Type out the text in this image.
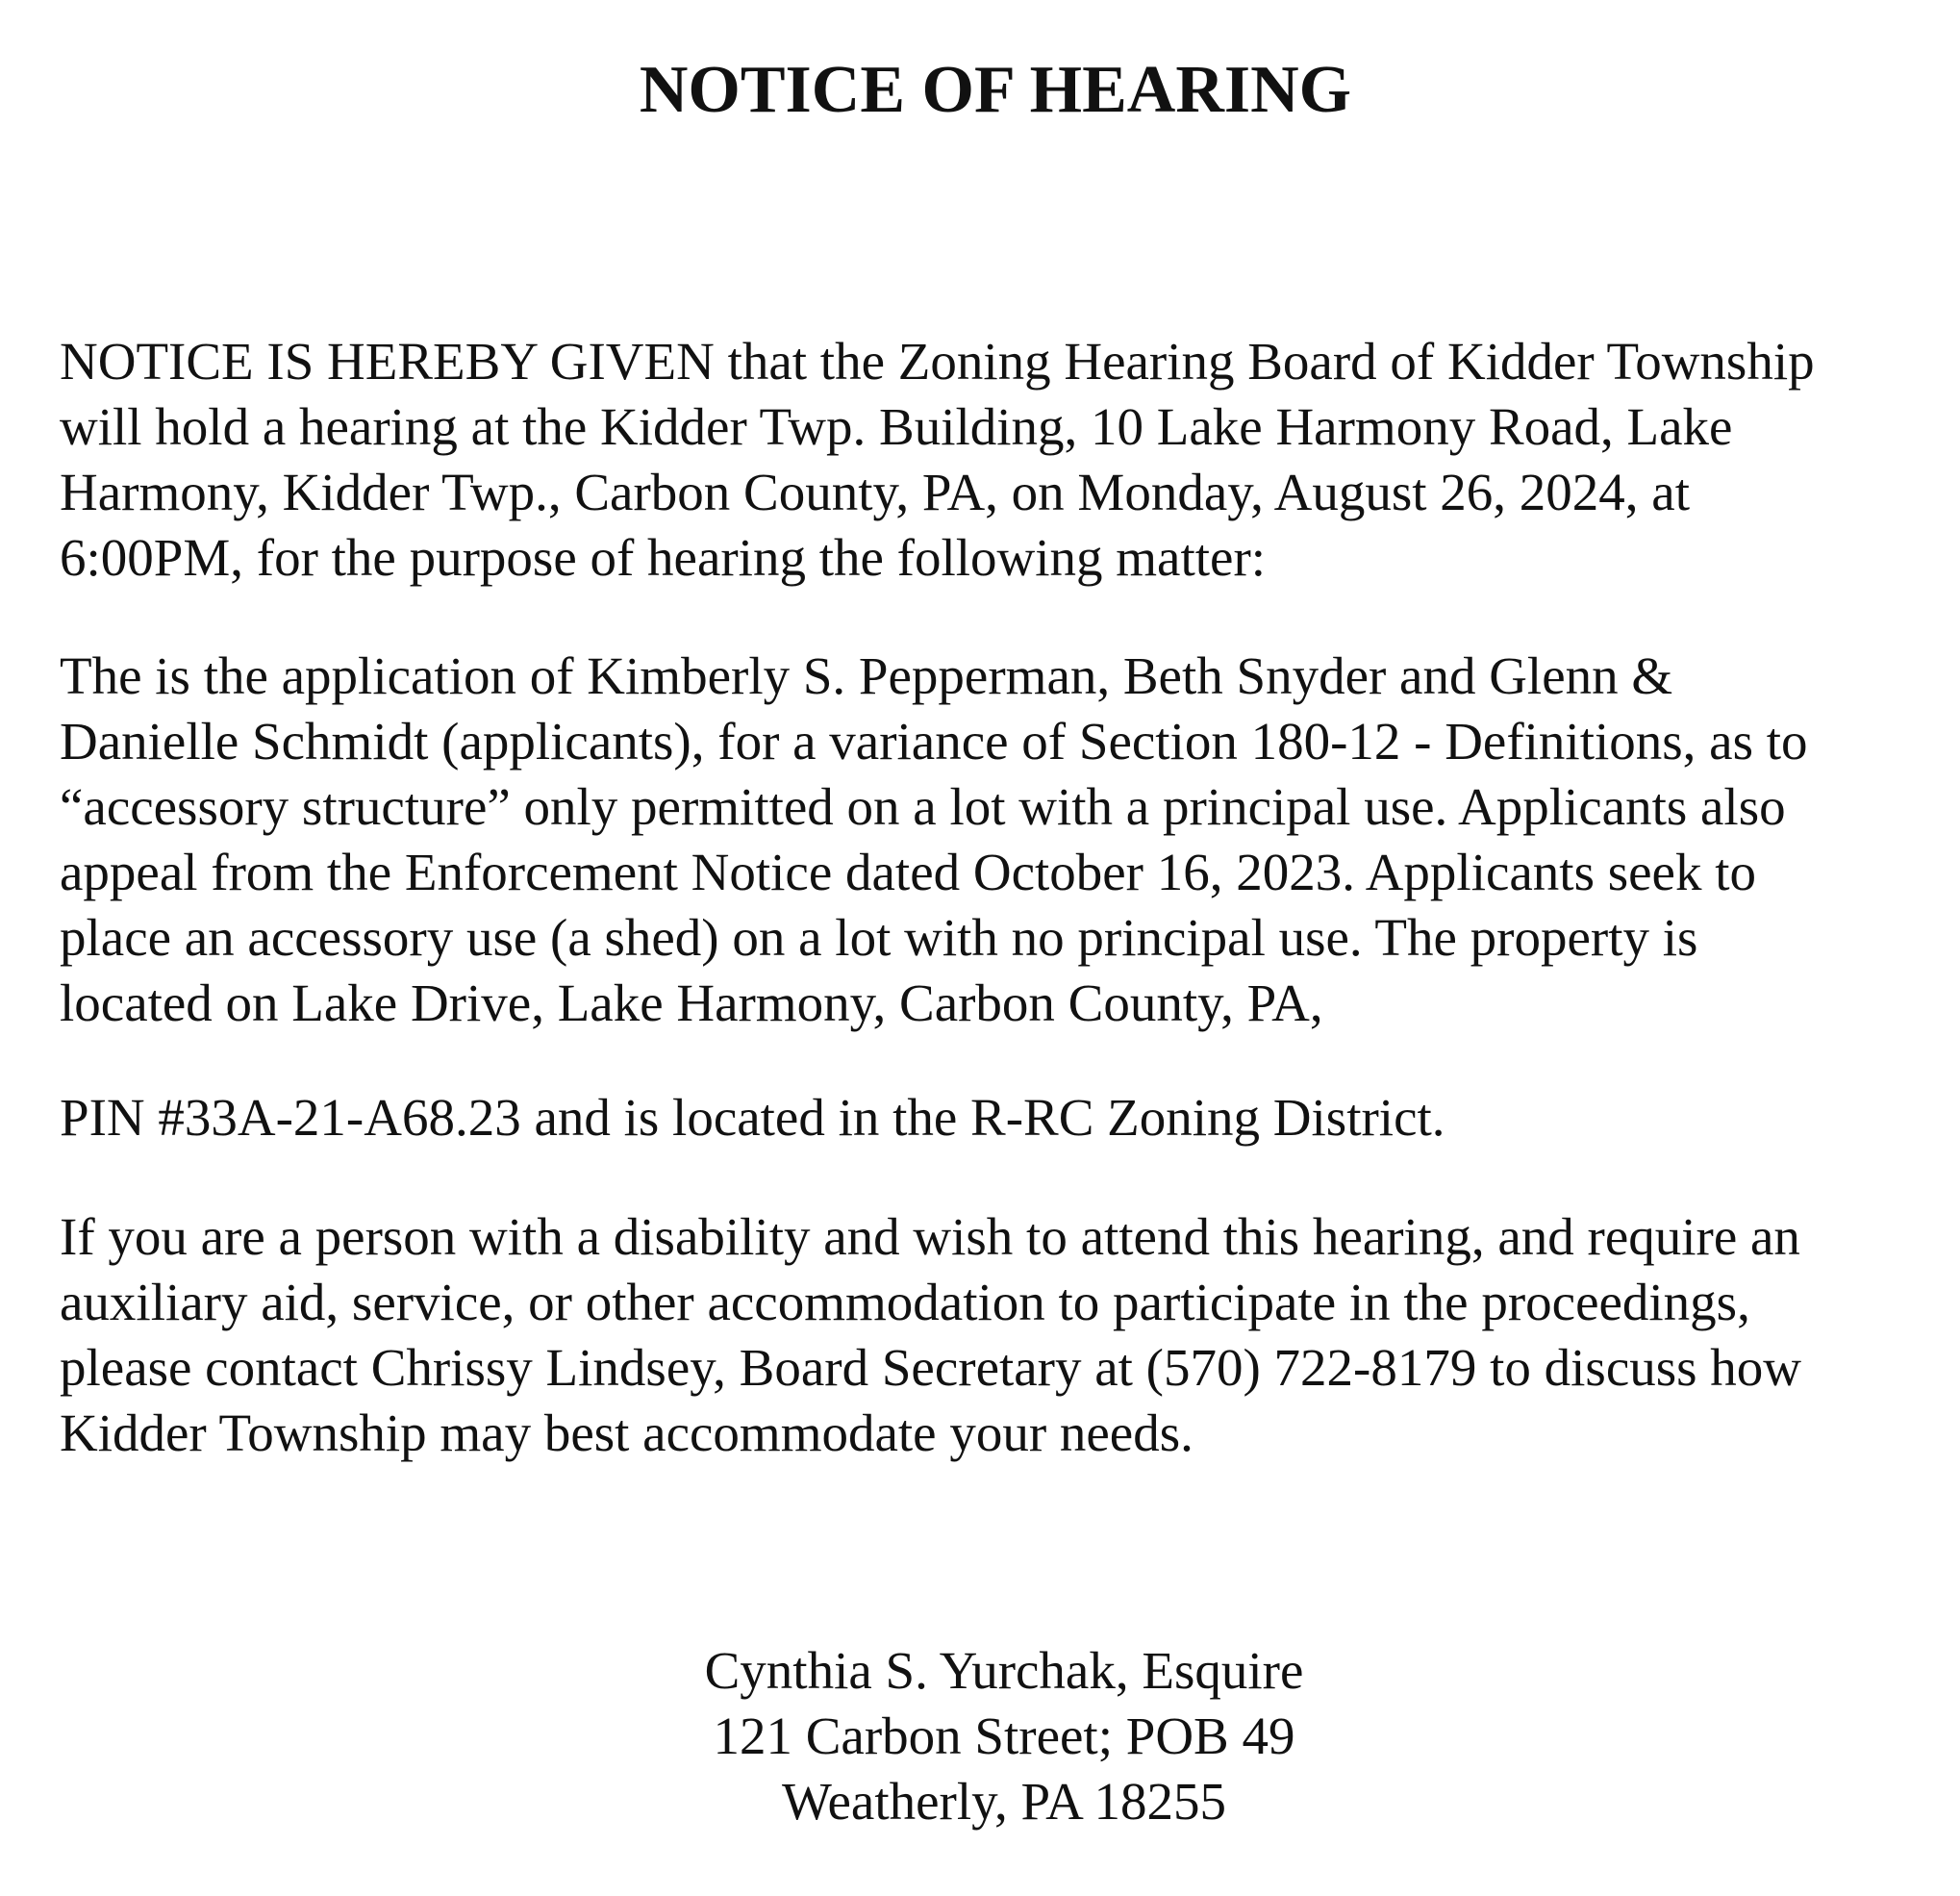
NOTICE OF HEARING
NOTICE IS HEREBY GIVEN that the Zoning Hearing Board of Kidder Township
will hold a hearing at the Kidder Twp. Building, 10 Lake Harmony Road, Lake
Harmony, Kidder Twp., Carbon County, PA, on Monday, August 26, 2024, at
6:00PM, for the purpose of hearing the following matter:
The is the application of Kimberly S. Pepperman, Beth Snyder and Glenn &
Danielle Schmidt (applicants), for a variance of Section 180-12 - Definitions, as to
“accessory structure” only permitted on a lot with a principal use. Applicants also
appeal from the Enforcement Notice dated October 16, 2023. Applicants seek to
place an accessory use (a shed) on a lot with no principal use. The property is
located on Lake Drive, Lake Harmony, Carbon County, PA,
PIN #33A-21-A68.23 and is located in the R-RC Zoning District.
If you are a person with a disability and wish to attend this hearing, and require an
auxiliary aid, service, or other accommodation to participate in the proceedings,
please contact Chrissy Lindsey, Board Secretary at (570) 722-8179 to discuss how
Kidder Township may best accommodate your needs.
Cynthia S. Yurchak, Esquire
121 Carbon Street; POB 49
Weatherly, PA 18255
